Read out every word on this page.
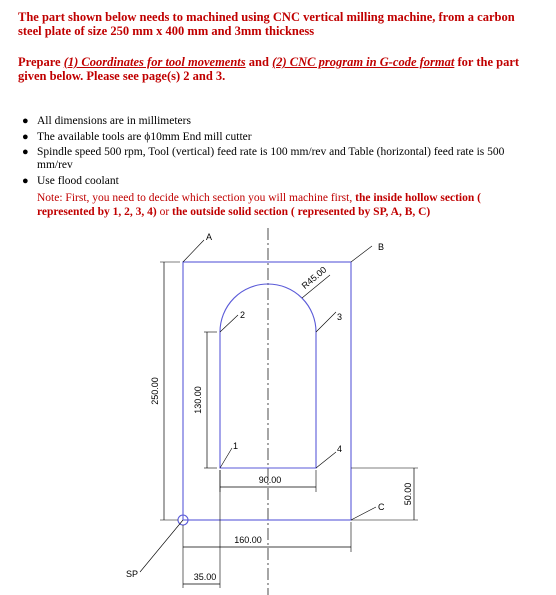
The part shown below needs to machined using CNC vertical milling machine, from a carbon steel plate of size 250 mm x 400 mm and 3mm thickness
Prepare (1) Coordinates for tool movements and (2) CNC program in G-code format for the part given below. Please see page(s) 2 and 3.
● All dimensions are in millimeters
● The available tools are ϕ10mm End mill cutter
● Spindle speed 500 rpm, Tool (vertical) feed rate is 100 mm/rev and Table (horizontal) feed rate is 500 mm/rev
● Use flood coolant
Note: First, you need to decide which section you will machine first, the inside hollow section ( represented by 1, 2, 3, 4) or the outside solid section ( represented by SP, A, B, C)
A
B
C
SP
1
2	3
4
250.00	130.00
R45.00
90.00
160.00
35.00
50.00
